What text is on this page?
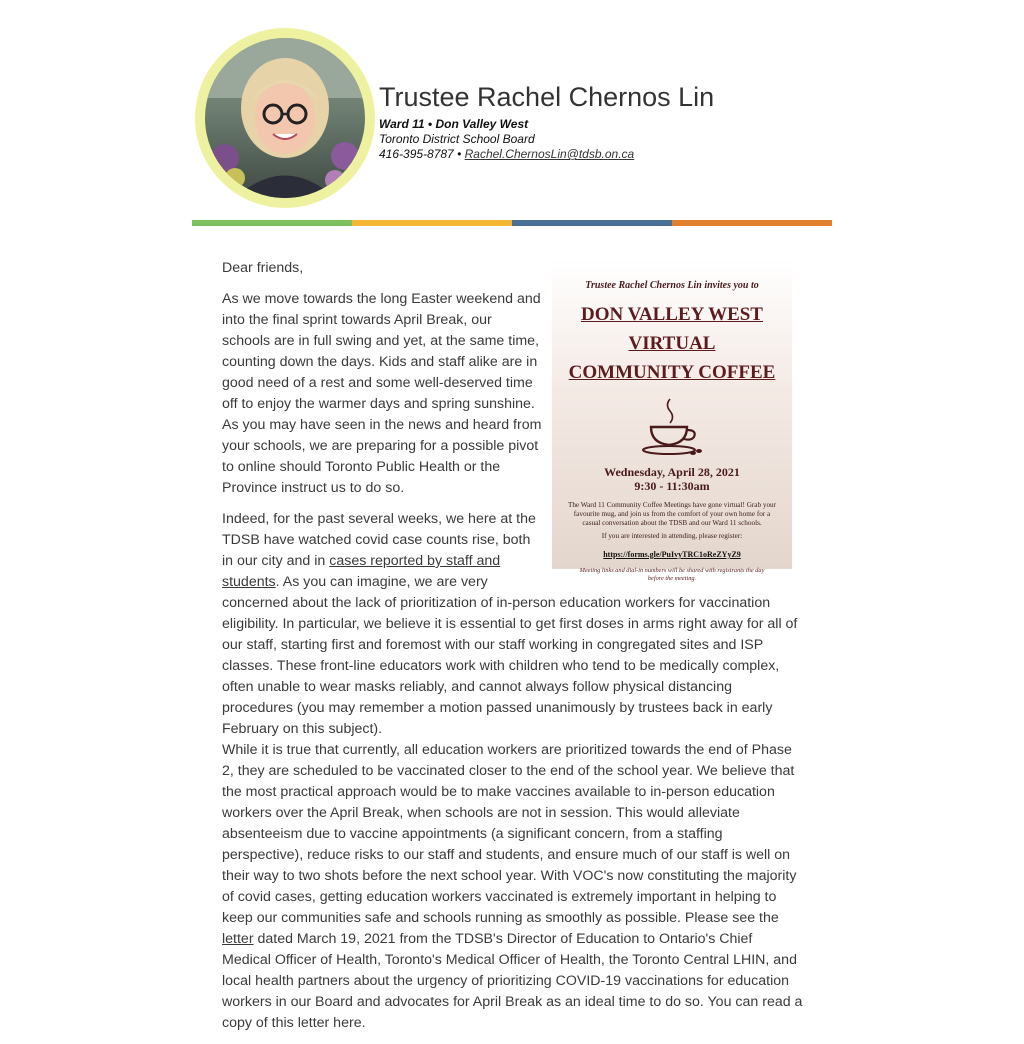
Trustee Rachel Chernos Lin
Ward 11 • Don Valley West
Toronto District School Board
416-395-8787 • Rachel.ChernosLin@tdsb.on.ca
Trustee Rachel Chernos Lin invites you to
DON VALLEY WEST
VIRTUAL
COMMUNITY COFFEE
Wednesday, April 28, 2021
9:30 - 11:30am
The Ward 11 Community Coffee Meetings have gone virtual! Grab your favourite mug, and join us from the comfort of your own home for a casual conversation about the TDSB and our Ward 11 schools.
If you are interested in attending, please register:
https://forms.gle/PuIvyTRC1oReZYyZ9
Meeting links and dial-in numbers will be shared with registrants the day before the meeting.

Dear friends,

As we move towards the long Easter weekend and into the final sprint towards April Break, our schools are in full swing and yet, at the same time, counting down the days. Kids and staff alike are in good need of a rest and some well-deserved time off to enjoy the warmer days and spring sunshine. As you may have seen in the news and heard from your schools, we are preparing for a possible pivot to online should Toronto Public Health or the Province instruct us to do so.

Indeed, for the past several weeks, we here at the TDSB have watched covid case counts rise, both in our city and in cases reported by staff and students. As you can imagine, we are very concerned about the lack of prioritization of in-person education workers for vaccination eligibility. In particular, we believe it is essential to get first doses in arms right away for all of our staff, starting first and foremost with our staff working in congregated sites and ISP classes. These front-line educators work with children who tend to be medically complex, often unable to wear masks reliably, and cannot always follow physical distancing procedures (you may remember a motion passed unanimously by trustees back in early February on this subject).

While it is true that currently, all education workers are prioritized towards the end of Phase 2, they are scheduled to be vaccinated closer to the end of the school year. We believe that the most practical approach would be to make vaccines available to in-person education workers over the April Break, when schools are not in session. This would alleviate absenteeism due to vaccine appointments (a significant concern, from a staffing perspective), reduce risks to our staff and students, and ensure much of our staff is well on their way to two shots before the next school year. With VOC's now constituting the majority of covid cases, getting education workers vaccinated is extremely important in helping to keep our communities safe and schools running as smoothly as possible. Please see the letter dated March 19, 2021 from the TDSB's Director of Education to Ontario's Chief Medical Officer of Health, Toronto's Medical Officer of Health, the Toronto Central LHIN, and local health partners about the urgency of prioritizing COVID-19 vaccinations for education workers in our Board and advocates for April Break as an ideal time to do so. You can read a copy of this letter here.
